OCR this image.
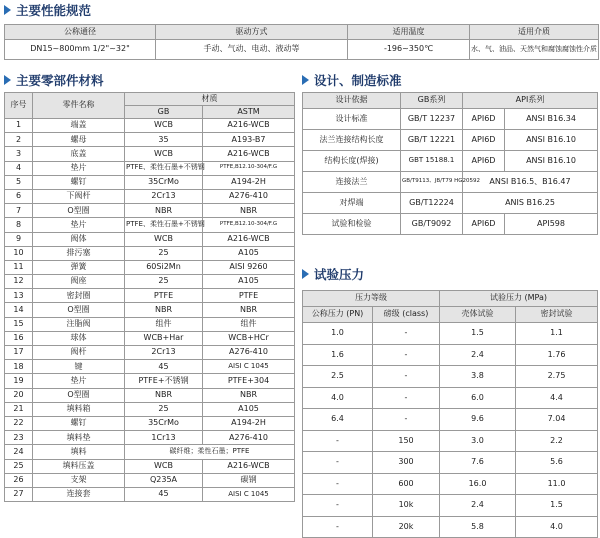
主要性能规范
公称通径	驱动方式	适用温度	适用介质
DN15~800mm 1/2"~32"	手动、气动、电动、液动等	-196~350℃	水、气、油品、天然气和腐蚀腐蚀性介质
主要零部件材料
序号	零件名称	材质	
		GB	ASTM
1	端盖	WCB	A216-WCB
2	螺母	35	A193-B7
3	底盖	WCB	A216-WCB
4	垫片	PTFE、柔性石墨+不锈钢	PTFE,B12.10-304/F.G
5	螺钉	35CrMo	A194-2H
6	下阀杆	2Cr13	A276-410
7	O型圈	NBR	NBR
8	垫片	PTFE、柔性石墨+不锈钢	PTFE,B12.10-304/F.G
9	阀体	WCB	A216-WCB
10	排污塞	25	A105
11	弹簧	60Si2Mn	AISI 9260
12	阀座	25	A105
13	密封圈	PTFE	PTFE
14	O型圈	NBR	NBR
15	注脂阀	组件	组件
16	球体	WCB+Har	WCB+HCr
17	阀杆	2Cr13	A276-410
18	键	45	AISI C 1045
19	垫片	PTFE+不锈钢	PTFE+304
20	O型圈	NBR	NBR
21	填料箱	25	A105
22	螺钉	35CrMo	A194-2H
23	填料垫	1Cr13	A276-410
24	填料	碳纤维；柔性石墨；PTFE	
25	填料压盖	WCB	A216-WCB
26	支架	Q235A	碳钢
27	连接套	45	AISI C 1045
设计、制造标准
设计依据	GB系列	API系列	
设计标准	GB/T 12237	API6D	ANSI B16.34
法兰连接结构长度	GB/T 12221	API6D	ANSI B16.10
结构长度(焊接)	GBT 15188.1	API6D	ANSI B16.10
连接法兰	GB/T9113、JB/T79 HG20592	ANSI B16.5、B16.47	
对焊端	GB/T12224	ANIS B16.25	
试验和检验	GB/T9092	API6D	API598
试验压力
压力等级		试验压力 (MPa)	
公称压力 (PN)	磅级 (class)	壳体试验	密封试验
1.0	-	1.5	1.1
1.6	-	2.4	1.76
2.5	-	3.8	2.75
4.0	-	6.0	4.4
6.4	-	9.6	7.04
-	150	3.0	2.2
-	300	7.6	5.6
-	600	16.0	11.0
-	10k	2.4	1.5
-	20k	5.8	4.0
